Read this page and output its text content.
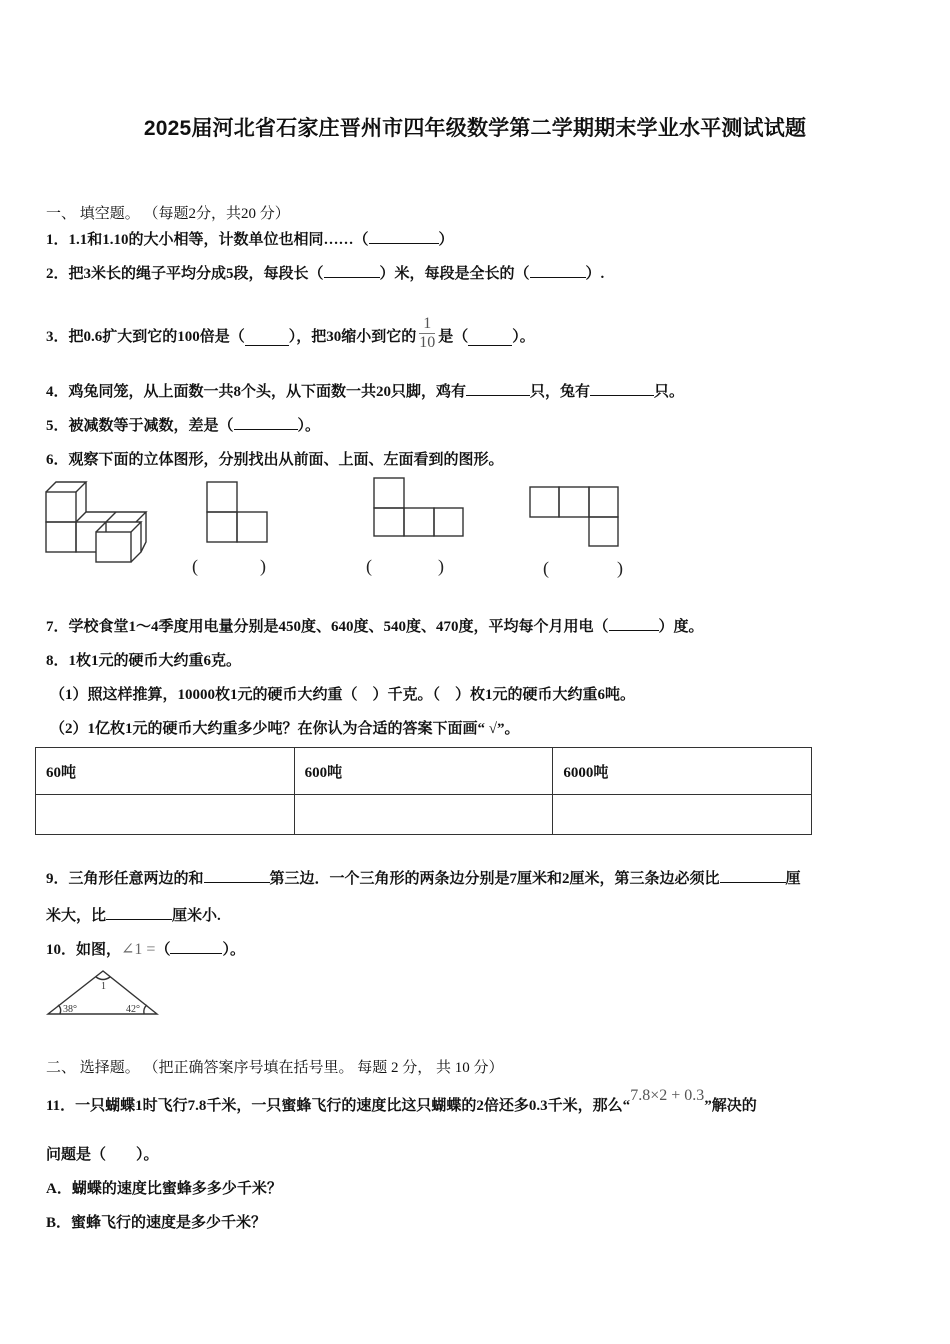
2025届河北省石家庄晋州市四年级数学第二学期期末学业水平测试试题
一、 填空题。 （每题2分，共20 分）
1．1.1和1.10的大小相等，计数单位也相同……（	）
2．把3米长的绳子平均分成5段，每段长（	）米，每段是全长的（	）.
3．把0.6扩大到它的100倍是（	），把30缩小到它的 $\frac{1}{10}$ 是（	）。
4．鸡兔同笼，从上面数一共8个头，从下面数一共20只脚，鸡有	只，兔有	只。
5．被减数等于减数，差是（	）。
6．观察下面的立体图形，分别找出从前面、上面、左面看到的图形。
(	)	(	)	(	)
7．学校食堂1～4季度用电量分别是450度、640度、540度、470度，平均每个月用电（	）度。
8．1枚1元的硬币大约重6克。
（1）照这样推算，10000枚1元的硬币大约重（　）千克。（　）枚1元的硬币大约重6吨。
（2）1亿枚1元的硬币大约重多少吨？在你认为合适的答案下面画“ √”。
60吨	600吨	6000吨

9．三角形任意两边的和	第三边．一个三角形的两条边分别是7厘米和2厘米，第三条边必须比	厘
米大，比	厘米小.
10．如图，∠1 =（	）。
1
38°	42°
二、 选择题。 （把正确答案序号填在括号里。 每题 2 分， 共 10 分）
11．一只蝴蝶1时飞行7.8千米，一只蜜蜂飞行的速度比这只蝴蝶的2倍还多0.3千米，那么“7.8×2 + 0.3”解决的
问题是（　　）。
A．蝴蝶的速度比蜜蜂多多少千米？
B．蜜蜂飞行的速度是多少千米？
